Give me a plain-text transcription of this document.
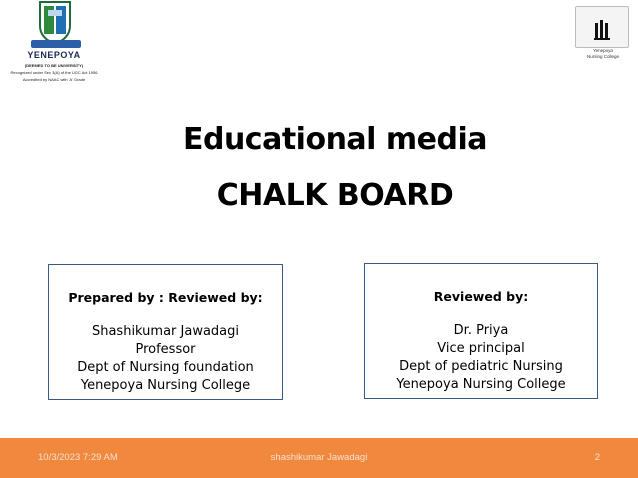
YENEPOYA
(DEEMED TO BE UNIVERSITY)
Recognized under Sec 3(A) of the UGC Act 1956
Accredited by NAAC with 'A' Grade
Yenepoya
Nursing College
Educational media
CHALK BOARD
Prepared by : Reviewed by:
Shashikumar Jawadagi
Professor
Dept of Nursing foundation
Yenepoya Nursing College
Reviewed by:
Dr. Priya
Vice principal
Dept of pediatric Nursing
Yenepoya Nursing College
shashikumar Jawadagi
10/3/2023 7:29 AM	2
